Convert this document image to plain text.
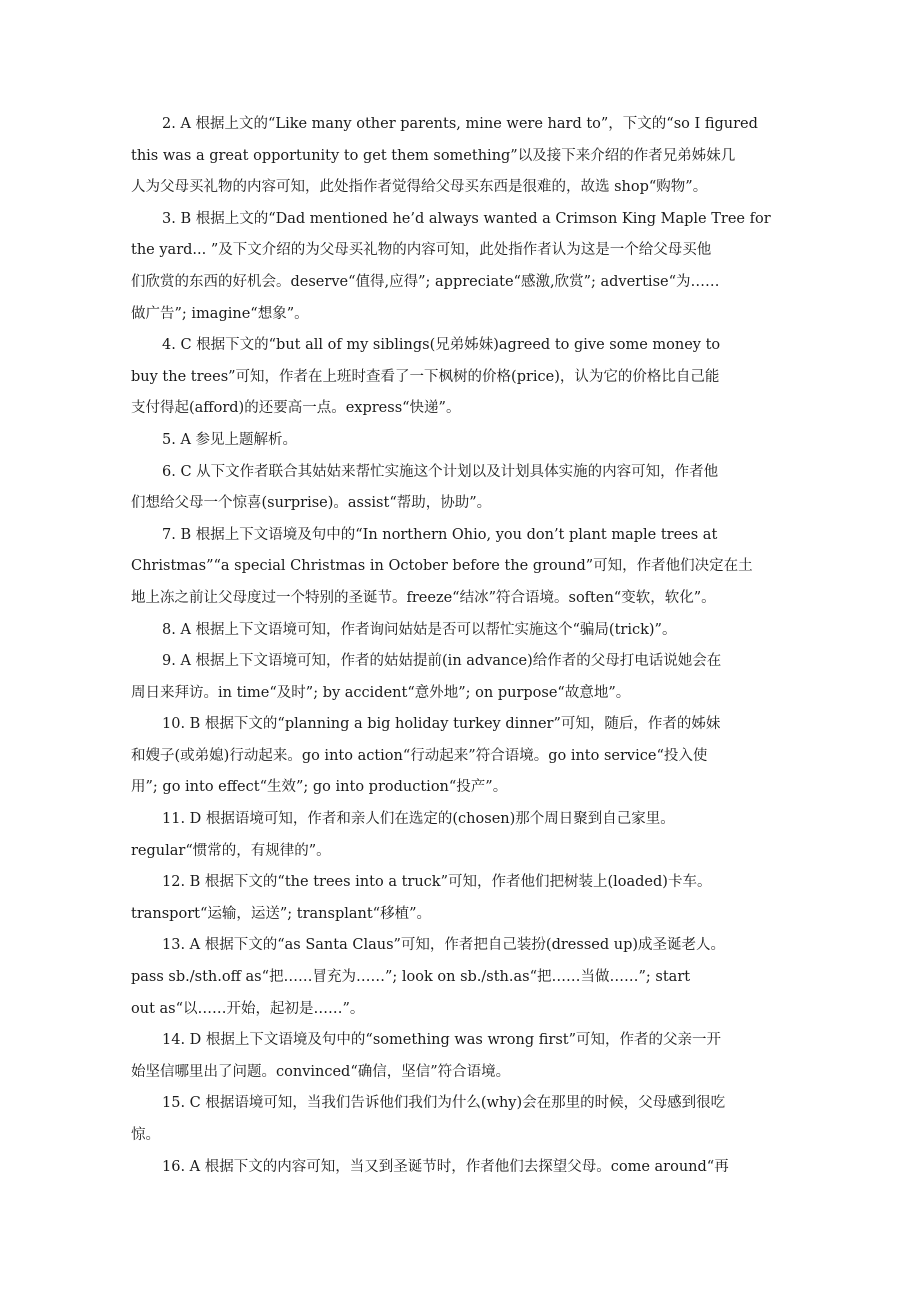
2. A 根据上文的“Like many other parents, mine were hard to”，下文的“so I figured
this was a great opportunity to get them something”以及接下来介绍的作者兄弟姊妹几
人为父母买礼物的内容可知，此处指作者觉得给父母买东西是很难的，故选 shop“购物”。
3. B 根据上文的“Dad mentioned he’d always wanted a Crimson King Maple Tree for
the yard... ”及下文介绍的为父母买礼物的内容可知，此处指作者认为这是一个给父母买他
们欣赏的东西的好机会。deserve“值得,应得”; appreciate“感激,欣赏”; advertise“为……
做广告”; imagine“想象”。
4. C 根据下文的“but all of my siblings(兄弟姊妹)agreed to give some money to
buy the trees”可知，作者在上班时查看了一下枫树的价格(price)，认为它的价格比自己能
支付得起(afford)的还要高一点。express“快递”。
5. A 参见上题解析。
6. C 从下文作者联合其姑姑来帮忙实施这个计划以及计划具体实施的内容可知，作者他
们想给父母一个惊喜(surprise)。assist“帮助，协助”。
7. B 根据上下文语境及句中的“In northern Ohio, you don’t plant maple trees at
Christmas”“a special Christmas in October before the ground”可知，作者他们决定在土
地上冻之前让父母度过一个特别的圣诞节。freeze“结冰”符合语境。soften“变软，软化”。
8. A 根据上下文语境可知，作者询问姑姑是否可以帮忙实施这个“骗局(trick)”。
9. A 根据上下文语境可知，作者的姑姑提前(in advance)给作者的父母打电话说她会在
周日来拜访。in time“及时”; by accident“意外地”; on purpose“故意地”。
10. B 根据下文的“planning a big holiday turkey dinner”可知，随后，作者的姊妹
和嫂子(或弟媳)行动起来。go into action“行动起来”符合语境。go into service“投入使
用”; go into effect“生效”; go into production“投产”。
11. D 根据语境可知，作者和亲人们在选定的(chosen)那个周日聚到自己家里。
regular“惯常的，有规律的”。
12. B 根据下文的“the trees into a truck”可知，作者他们把树装上(loaded)卡车。
transport“运输，运送”; transplant“移植”。
13. A 根据下文的“as Santa Claus”可知，作者把自己装扮(dressed up)成圣诞老人。
pass sb./sth.off as“把……冒充为……”; look on sb./sth.as“把……当做……”; start
out as“以……开始，起初是……”。
14. D 根据上下文语境及句中的“something was wrong first”可知，作者的父亲一开
始坚信哪里出了问题。convinced“确信，坚信”符合语境。
15. C 根据语境可知，当我们告诉他们我们为什么(why)会在那里的时候，父母感到很吃
惊。
16. A 根据下文的内容可知，当又到圣诞节时，作者他们去探望父母。come around“再
